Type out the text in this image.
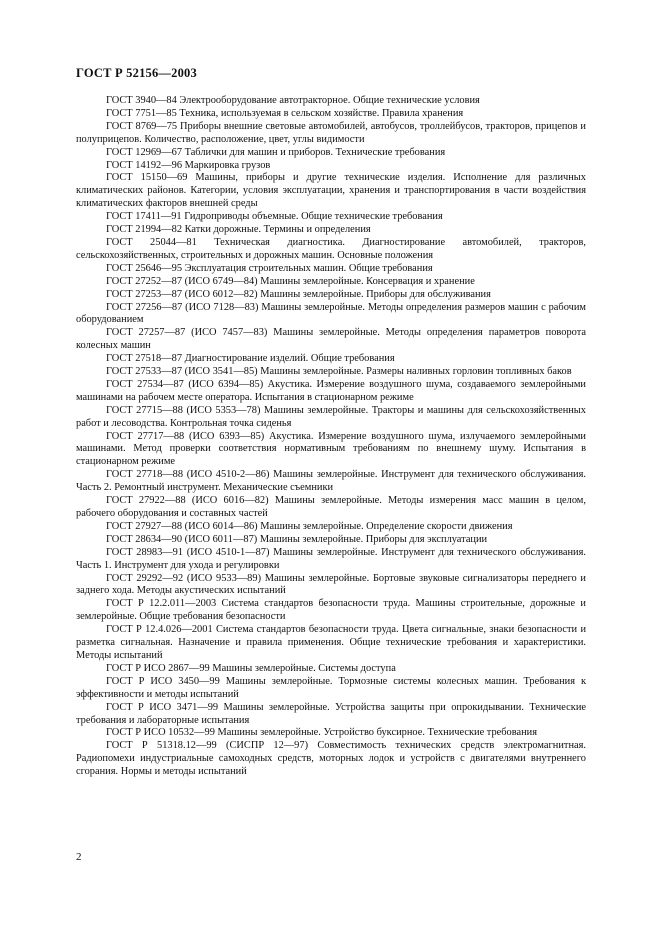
ГОСТ Р 52156—2003

ГОСТ 3940—84 Электрооборудование автотракторное. Общие технические условия

ГОСТ 7751—85 Техника, используемая в сельском хозяйстве. Правила хранения

ГОСТ 8769—75 Приборы внешние световые автомобилей, автобусов, троллейбусов, тракторов, прицепов и полуприцепов. Количество, расположение, цвет, углы видимости

ГОСТ 12969—67 Таблички для машин и приборов. Технические требования

ГОСТ 14192—96 Маркировка грузов

ГОСТ 15150—69 Машины, приборы и другие технические изделия. Исполнение для различных климатических районов. Категории, условия эксплуатации, хранения и транспортирования в части воздействия климатических факторов внешней среды

ГОСТ 17411—91 Гидроприводы объемные. Общие технические требования

ГОСТ 21994—82 Катки дорожные. Термины и определения

ГОСТ 25044—81 Техническая диагностика. Диагностирование автомобилей, тракторов, сельскохозяйственных, строительных и дорожных машин. Основные положения

ГОСТ 25646—95 Эксплуатация строительных машин. Общие требования

ГОСТ 27252—87 (ИСО 6749—84) Машины землеройные. Консервация и хранение

ГОСТ 27253—87 (ИСО 6012—82) Машины землеройные. Приборы для обслуживания

ГОСТ 27256—87 (ИСО 7128—83) Машины землеройные. Методы определения размеров машин с рабочим оборудованием

ГОСТ 27257—87 (ИСО 7457—83) Машины землеройные. Методы определения параметров поворота колесных машин

ГОСТ 27518—87 Диагностирование изделий. Общие требования

ГОСТ 27533—87 (ИСО 3541—85) Машины землеройные. Размеры наливных горловин топливных баков

ГОСТ 27534—87 (ИСО 6394—85) Акустика. Измерение воздушного шума, создаваемого землеройными машинами на рабочем месте оператора. Испытания в стационарном режиме

ГОСТ 27715—88 (ИСО 5353—78) Машины землеройные. Тракторы и машины для сельскохозяйственных работ и лесоводства. Контрольная точка сиденья

ГОСТ 27717—88 (ИСО 6393—85) Акустика. Измерение воздушного шума, излучаемого землеройными машинами. Метод проверки соответствия нормативным требованиям по внешнему шуму. Испытания в стационарном режиме

ГОСТ 27718—88 (ИСО 4510-2—86) Машины землеройные. Инструмент для технического обслуживания. Часть 2. Ремонтный инструмент. Механические съемники

ГОСТ 27922—88 (ИСО 6016—82) Машины землеройные. Методы измерения масс машин в целом, рабочего оборудования и составных частей

ГОСТ 27927—88 (ИСО 6014—86) Машины землеройные. Определение скорости движения

ГОСТ 28634—90 (ИСО 6011—87) Машины землеройные. Приборы для эксплуатации

ГОСТ 28983—91 (ИСО 4510-1—87) Машины землеройные. Инструмент для технического обслуживания. Часть 1. Инструмент для ухода и регулировки

ГОСТ 29292—92 (ИСО 9533—89) Машины землеройные. Бортовые звуковые сигнализаторы переднего и заднего хода. Методы акустических испытаний

ГОСТ Р 12.2.011—2003 Система стандартов безопасности труда. Машины строительные, дорожные и землеройные. Общие требования безопасности

ГОСТ Р 12.4.026—2001 Система стандартов безопасности труда. Цвета сигнальные, знаки безопасности и разметка сигнальная. Назначение и правила применения. Общие технические требования и характеристики. Методы испытаний

ГОСТ Р ИСО 2867—99 Машины землеройные. Системы доступа

ГОСТ Р ИСО 3450—99 Машины землеройные. Тормозные системы колесных машин. Требования к эффективности и методы испытаний

ГОСТ Р ИСО 3471—99 Машины землеройные. Устройства защиты при опрокидывании. Технические требования и лабораторные испытания

ГОСТ Р ИСО 10532—99 Машины землеройные. Устройство буксирное. Технические требования

ГОСТ Р 51318.12—99 (СИСПР 12—97) Совместимость технических средств электромагнитная. Радиопомехи индустриальные самоходных средств, моторных лодок и устройств с двигателями внутреннего сгорания. Нормы и методы испытаний

2
